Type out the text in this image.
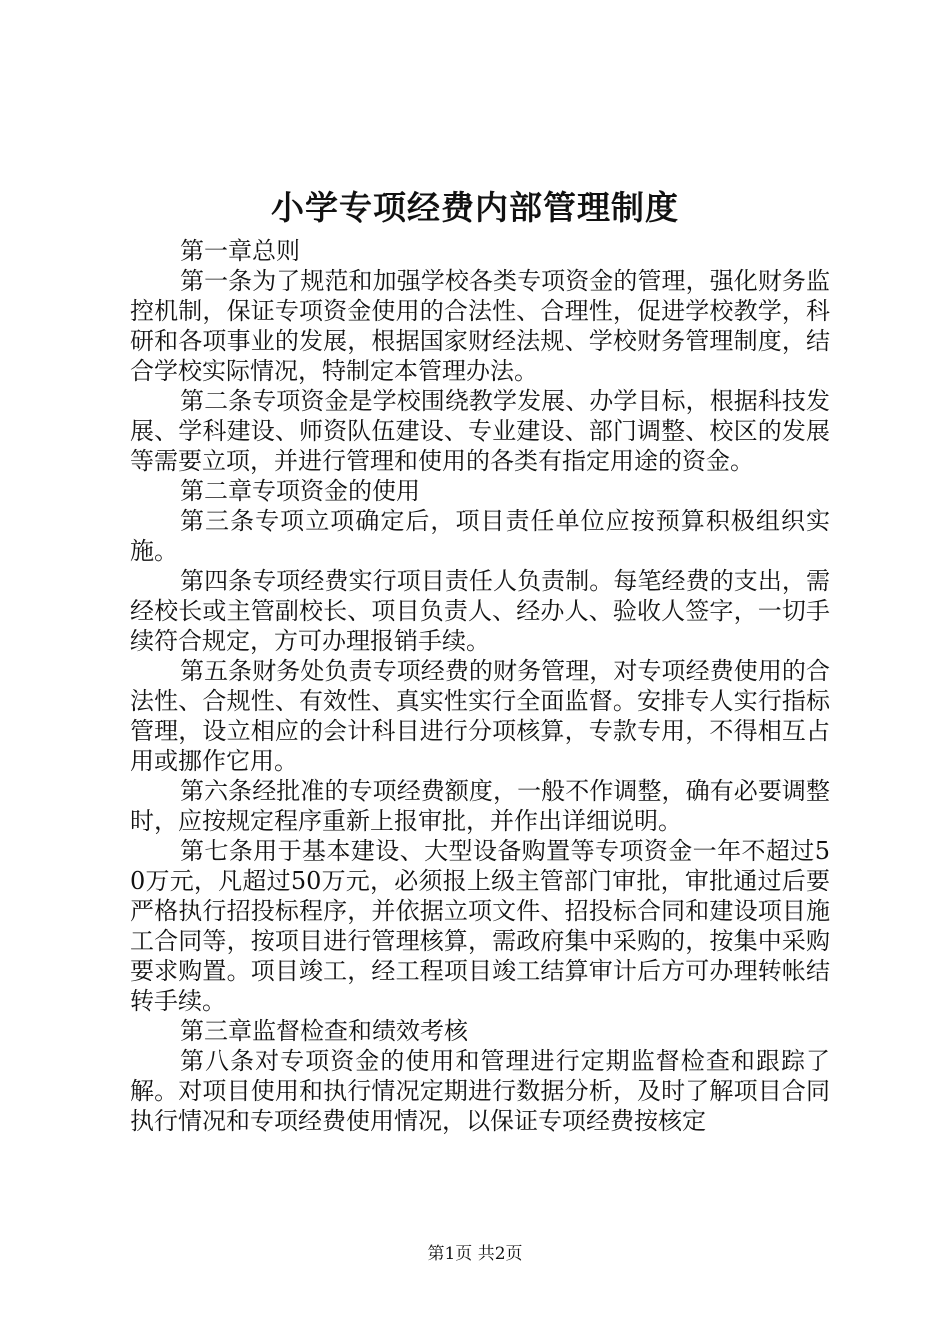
小学专项经费内部管理制度

第一章总则

第一条为了规范和加强学校各类专项资金的管理，强化财务监控机制，保证专项资金使用的合法性、合理性，促进学校教学，科研和各项事业的发展，根据国家财经法规、学校财务管理制度，结合学校实际情况，特制定本管理办法。

第二条专项资金是学校围绕教学发展、办学目标，根据科技发展、学科建设、师资队伍建设、专业建设、部门调整、校区的发展等需要立项，并进行管理和使用的各类有指定用途的资金。

第二章专项资金的使用

第三条专项立项确定后，项目责任单位应按预算积极组织实施。

第四条专项经费实行项目责任人负责制。每笔经费的支出，需经校长或主管副校长、项目负责人、经办人、验收人签字，一切手续符合规定，方可办理报销手续。

第五条财务处负责专项经费的财务管理，对专项经费使用的合法性、合规性、有效性、真实性实行全面监督。安排专人实行指标管理，设立相应的会计科目进行分项核算，专款专用，不得相互占用或挪作它用。

第六条经批准的专项经费额度，一般不作调整，确有必要调整时，应按规定程序重新上报审批，并作出详细说明。

第七条用于基本建设、大型设备购置等专项资金一年不超过50万元，凡超过50万元，必须报上级主管部门审批，审批通过后要严格执行招投标程序，并依据立项文件、招投标合同和建设项目施工合同等，按项目进行管理核算，需政府集中采购的，按集中采购要求购置。项目竣工，经工程项目竣工结算审计后方可办理转帐结转手续。

第三章监督检查和绩效考核

第八条对专项资金的使用和管理进行定期监督检查和跟踪了解。对项目使用和执行情况定期进行数据分析，及时了解项目合同执行情况和专项经费使用情况，以保证专项经费按核定

第1页 共2页
